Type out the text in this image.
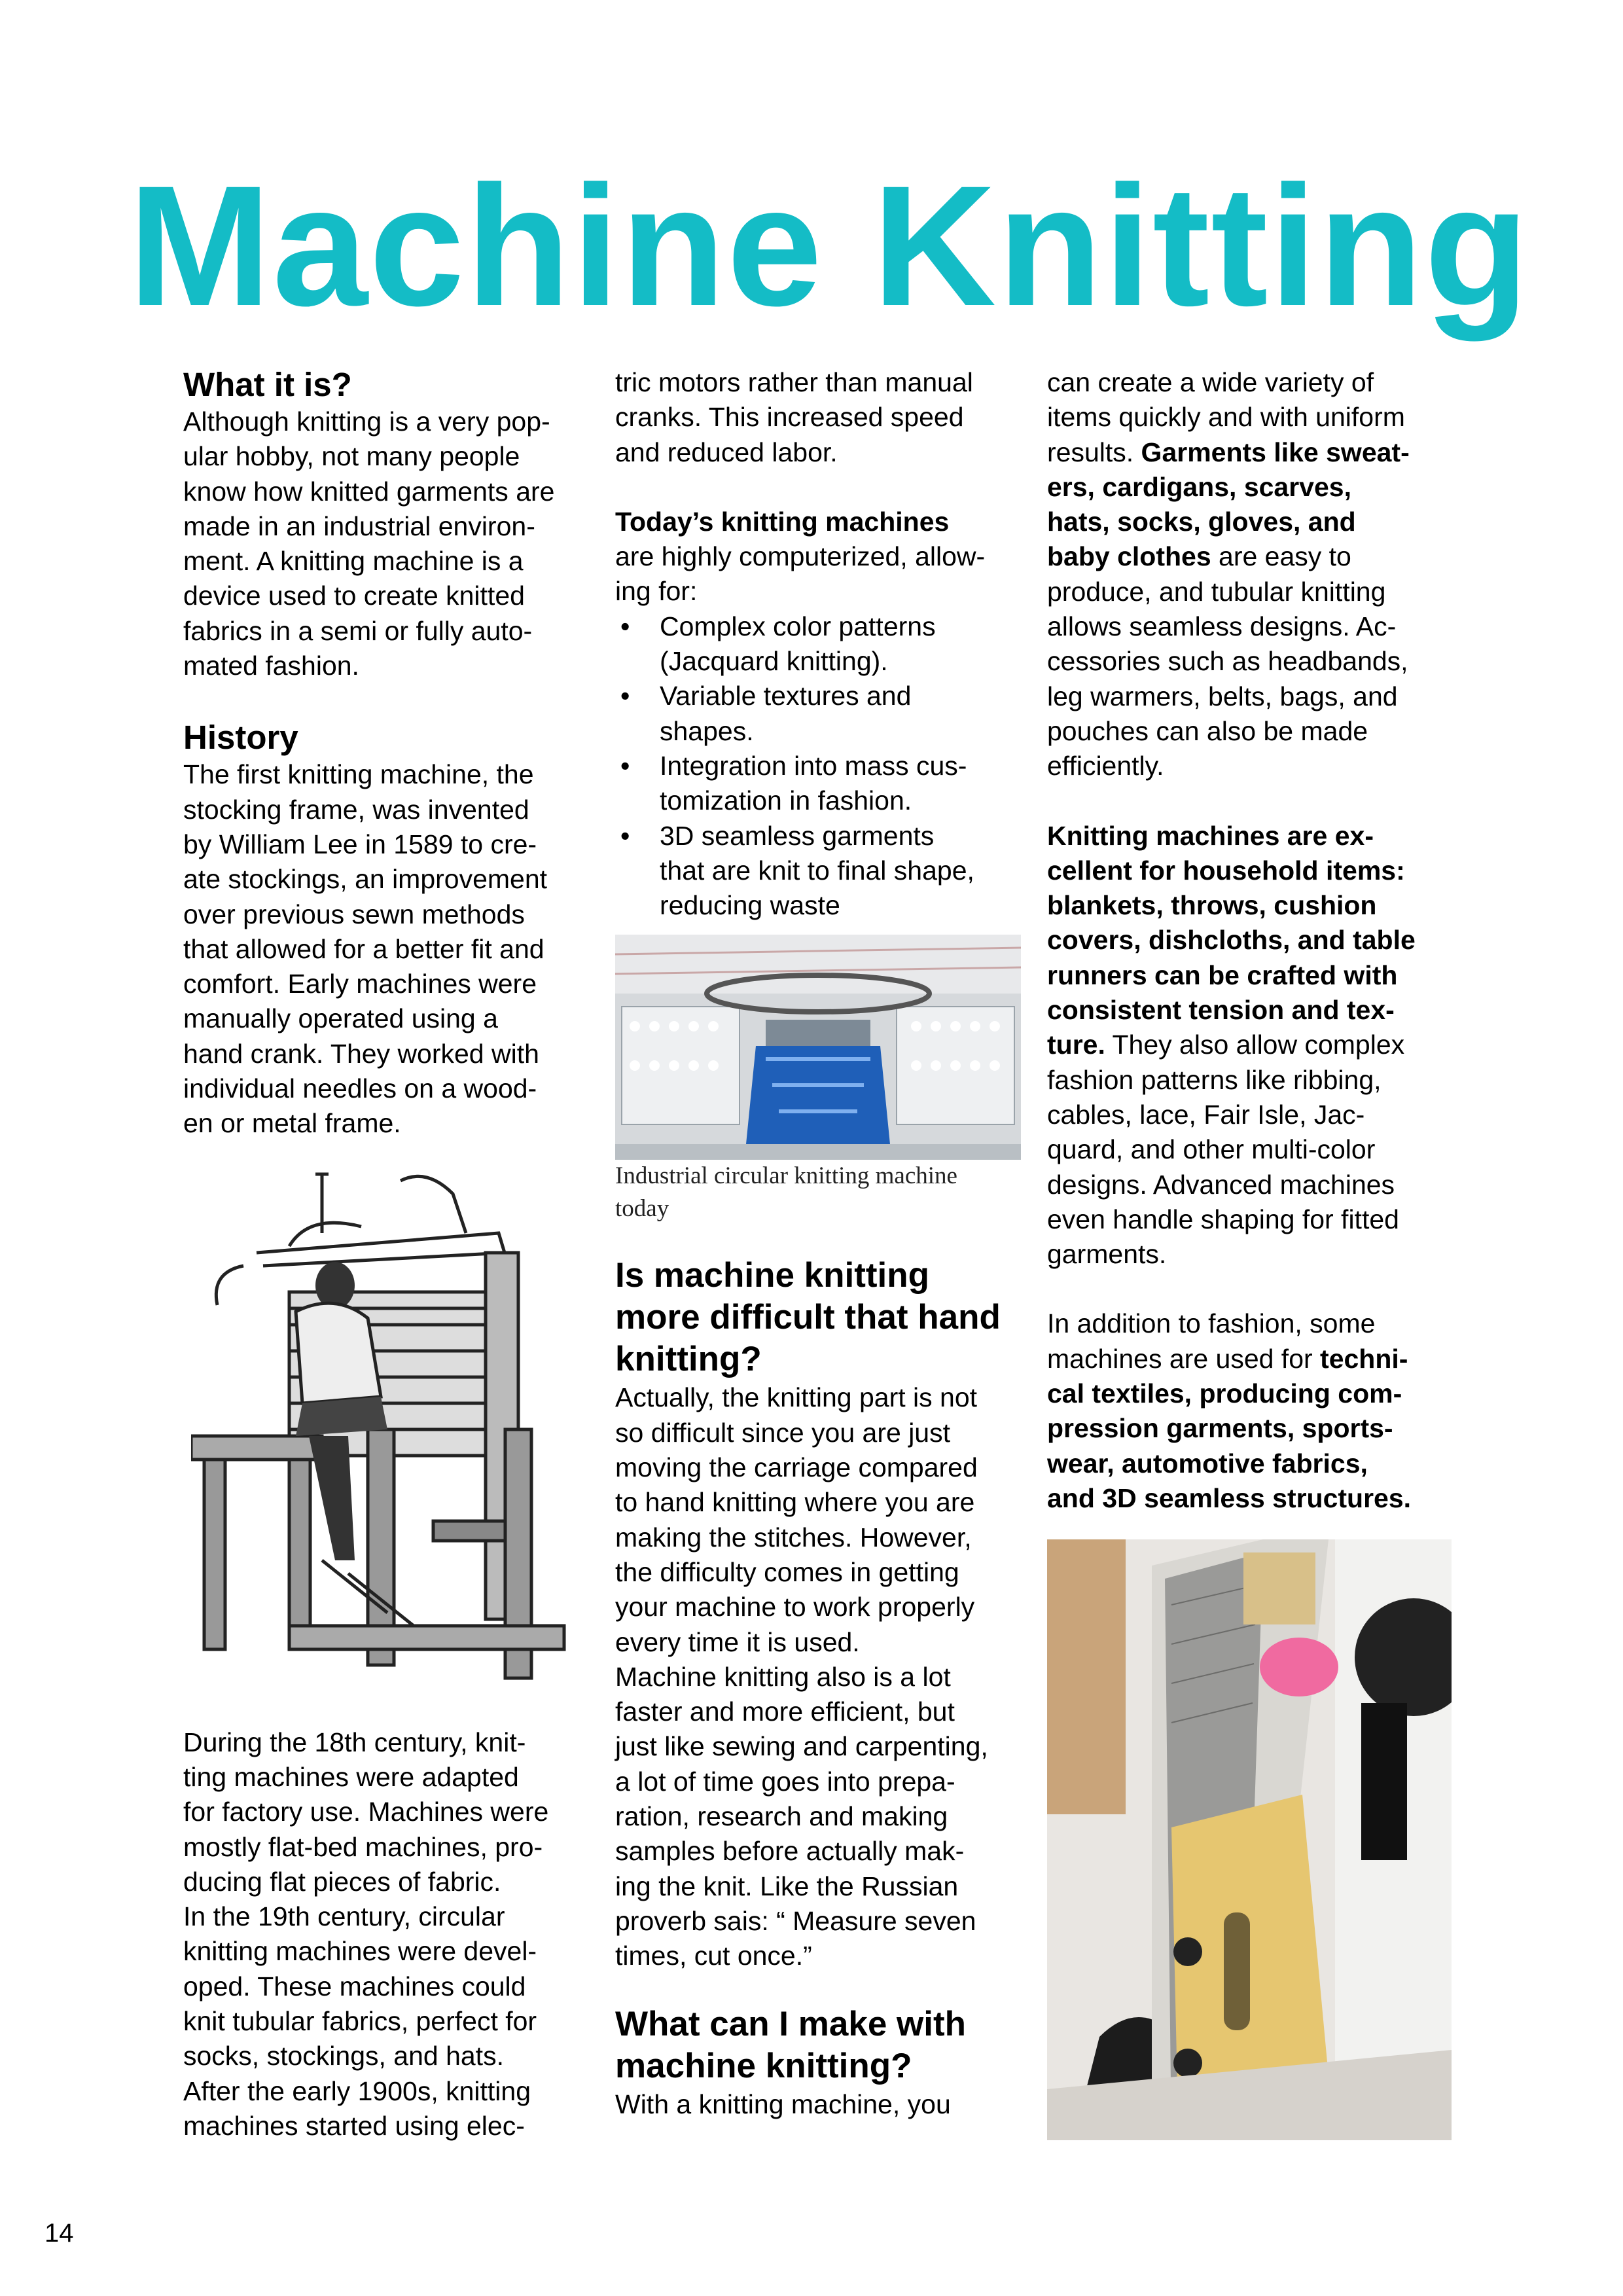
Machine Knitting
What it is?

Although knitting is a very pop-
ular hobby, not many people
know how knitted garments are
made in an industrial environ-
ment. A knitting machine is a
device used to create knitted
fabrics in a semi or fully auto-
mated fashion.

History

The first knitting machine, the
stocking frame, was invented
by William Lee in 1589 to cre-
ate stockings, an improvement
over previous sewn methods
that allowed for a better fit and
comfort. Early machines were
manually operated using a
hand crank. They worked with
individual needles on a wood-
en or metal frame.

During the 18th century, knit-
ting machines were adapted
for factory use. Machines were
mostly flat-bed machines, pro-
ducing flat pieces of fabric.
In the 19th century, circular
knitting machines were devel-
oped. These machines could
knit tubular fabrics, perfect for
socks, stockings, and hats.
After the early 1900s, knitting
machines started using elec-

tric motors rather than manual
cranks. This increased speed
and reduced labor.

Today’s knitting machines
are highly computerized, allow-
ing for:

• Complex color patterns
(Jacquard knitting).
• Variable textures and
shapes.
• Integration into mass cus-
tomization in fashion.
• 3D seamless garments
that are knit to final shape,
reducing waste

Industrial circular knitting machine
today

Is machine knitting
more difficult that hand
knitting?

Actually, the knitting part is not
so difficult since you are just
moving the carriage compared
to hand knitting where you are
making the stitches. However,
the difficulty comes in getting
your machine to work properly
every time it is used.
Machine knitting also is a lot
faster and more efficient, but
just like sewing and carpenting,
a lot of time goes into prepa-
ration, research and making
samples before actually mak-
ing the knit. Like the Russian
proverb sais: “ Measure seven
times, cut once.”

What can I make with
machine knitting?

With a knitting machine, you

can create a wide variety of
items quickly and with uniform
results. Garments like sweat-
ers, cardigans, scarves,
hats, socks, gloves, and
baby clothes are easy to
produce, and tubular knitting
allows seamless designs. Ac-
cessories such as headbands,
leg warmers, belts, bags, and
pouches can also be made
efficiently.

Knitting machines are ex-
cellent for household items:
blankets, throws, cushion
covers, dishcloths, and table
runners can be crafted with
consistent tension and tex-
ture. They also allow complex
fashion patterns like ribbing,
cables, lace, Fair Isle, Jac-
quard, and other multi-color
designs. Advanced machines
even handle shaping for fitted
garments.

In addition to fashion, some
machines are used for techni-
cal textiles, producing com-
pression garments, sports-
wear, automotive fabrics,
and 3D seamless structures.

14
